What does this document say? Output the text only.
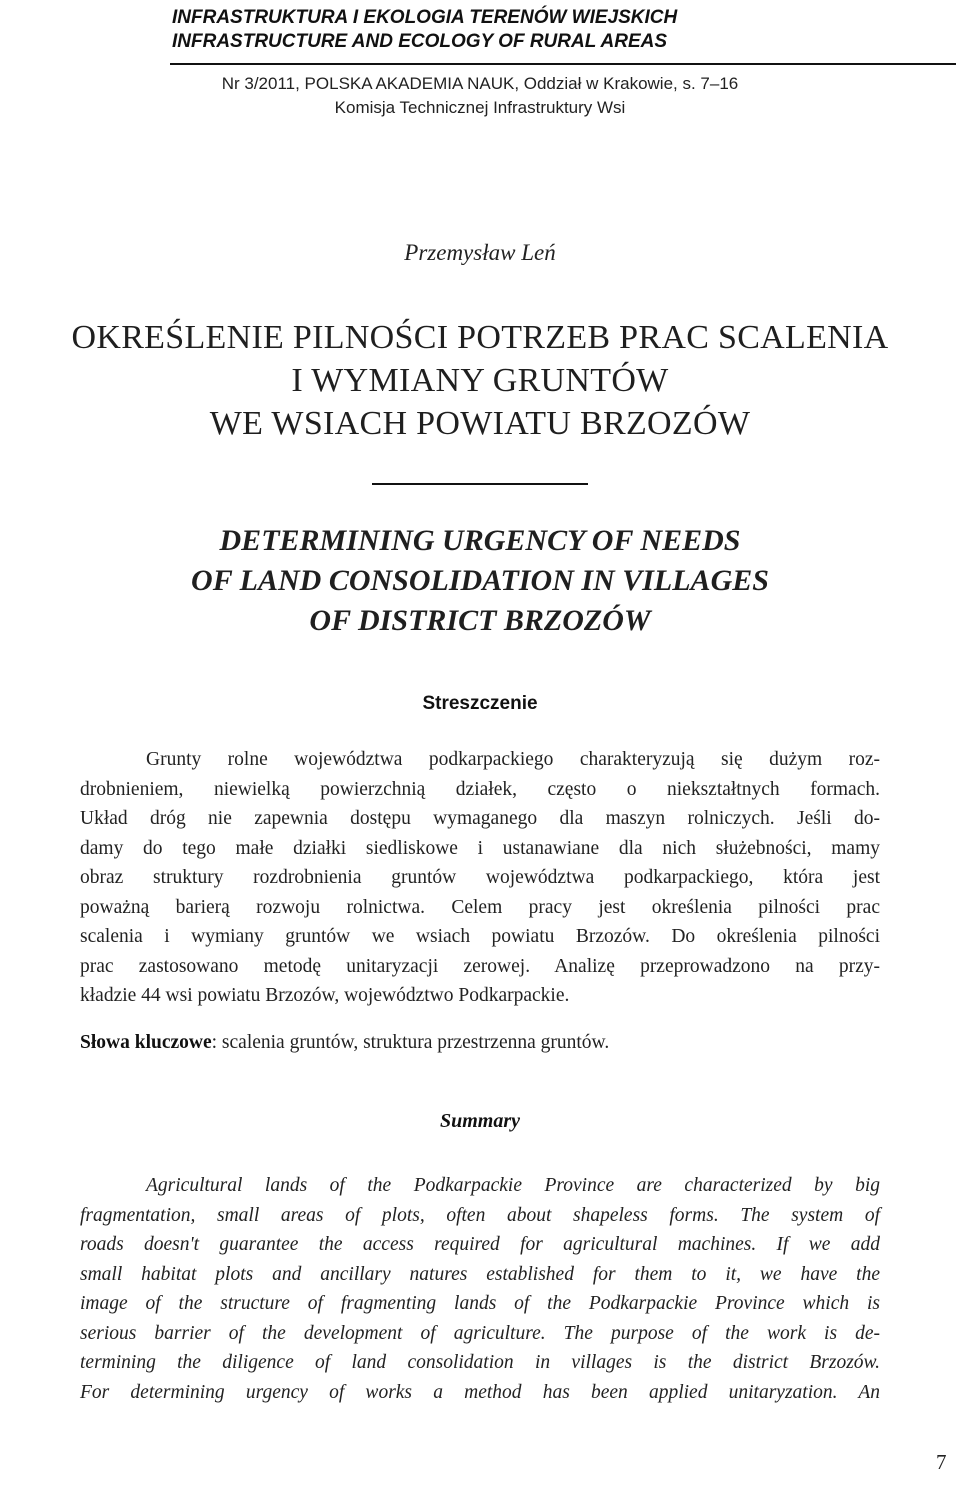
INFRASTRUKTURA I EKOLOGIA TERENÓW WIEJSKICH
INFRASTRUCTURE AND ECOLOGY OF RURAL AREAS
Nr 3/2011, POLSKA AKADEMIA NAUK, Oddział w Krakowie, s. 7–16
Komisja Technicznej Infrastruktury Wsi
Przemysław Leń
OKREŚLENIE PILNOŚCI POTRZEB PRAC SCALENIA
I WYMIANY GRUNTÓW
WE WSIACH POWIATU BRZOZÓW
DETERMINING URGENCY OF NEEDS
OF LAND CONSOLIDATION IN VILLAGES
OF DISTRICT BRZOZÓW
Streszczenie
Grunty rolne województwa podkarpackiego charakteryzują się dużym roz-
drobnieniem, niewielką powierzchnią działek, często o niekształtnych formach.
Układ dróg nie zapewnia dostępu wymaganego dla maszyn rolniczych. Jeśli do-
damy do tego małe działki siedliskowe i ustanawiane dla nich służebności, mamy
obraz struktury rozdrobnienia gruntów województwa podkarpackiego, która jest
poważną barierą rozwoju rolnictwa. Celem pracy jest określenia pilności prac
scalenia i wymiany gruntów we wsiach powiatu Brzozów. Do określenia pilności
prac zastosowano metodę unitaryzacji zerowej. Analizę przeprowadzono na przy-
kładzie 44 wsi powiatu Brzozów, województwo Podkarpackie.
Słowa kluczowe: scalenia gruntów, struktura przestrzenna gruntów.
Summary
Agricultural lands of the Podkarpackie Province are characterized by big
fragmentation, small areas of plots, often about shapeless forms. The system of
roads doesn't guarantee the access required for agricultural machines. If we add
small habitat plots and ancillary natures established for them to it, we have the
image of the structure of fragmenting lands of the Podkarpackie Province which is
serious barrier of the development of agriculture. The purpose of the work is de-
termining the diligence of land consolidation in villages is the district Brzozów.
For determining urgency of works a method has been applied unitaryzation. An
7
